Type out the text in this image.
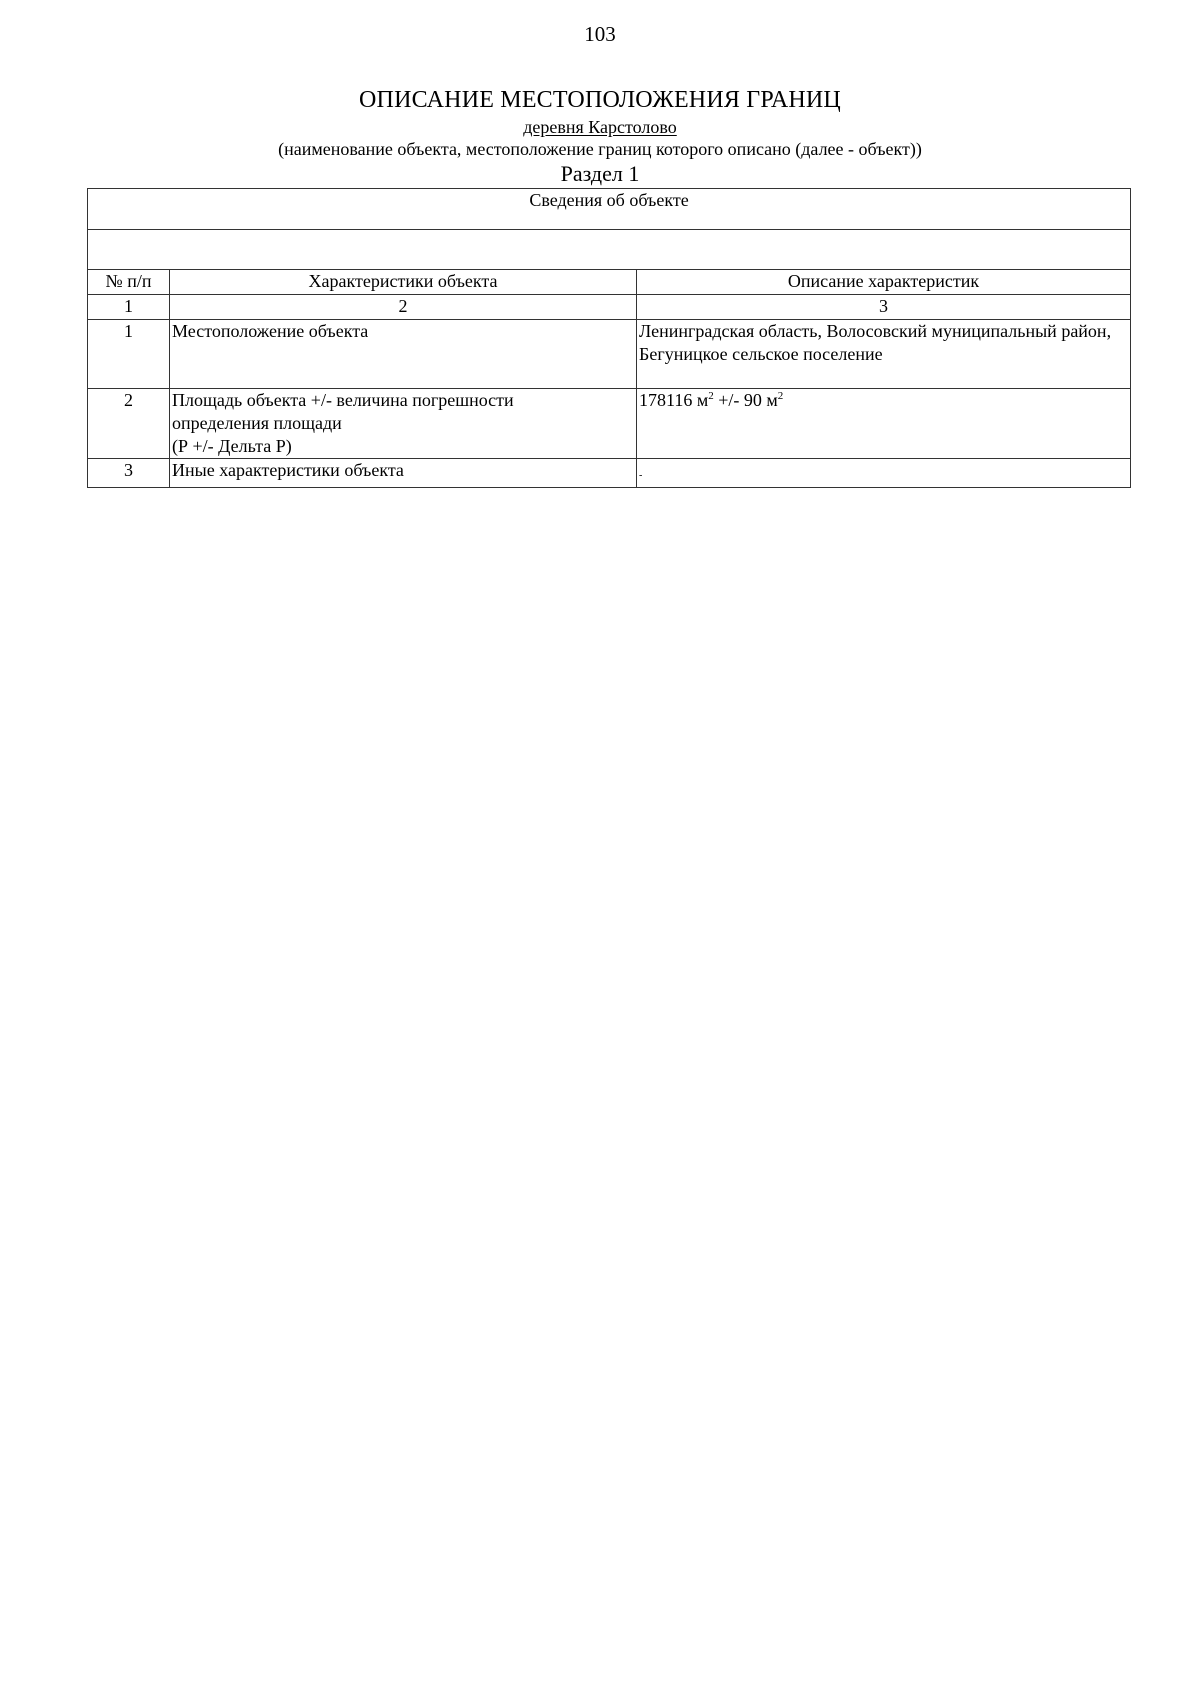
103
ОПИСАНИЕ МЕСТОПОЛОЖЕНИЯ ГРАНИЦ
деревня Карстолово
(наименование объекта, местоположение границ которого описано (далее - объект))
Раздел 1
Сведения об объекте		

№ п/п	Характеристики объекта	Описание характеристик
1	2	3
1	Местоположение объекта	Ленинградская область, Волосовский муниципальный район, Бегуницкое сельское поселение
2	Площадь объекта +/- величина погрешности
определения площади
(Р +/- Дельта Р)	178116 $м^2$ +/- 90 $м^2$
3	Иные характеристики объекта	-
